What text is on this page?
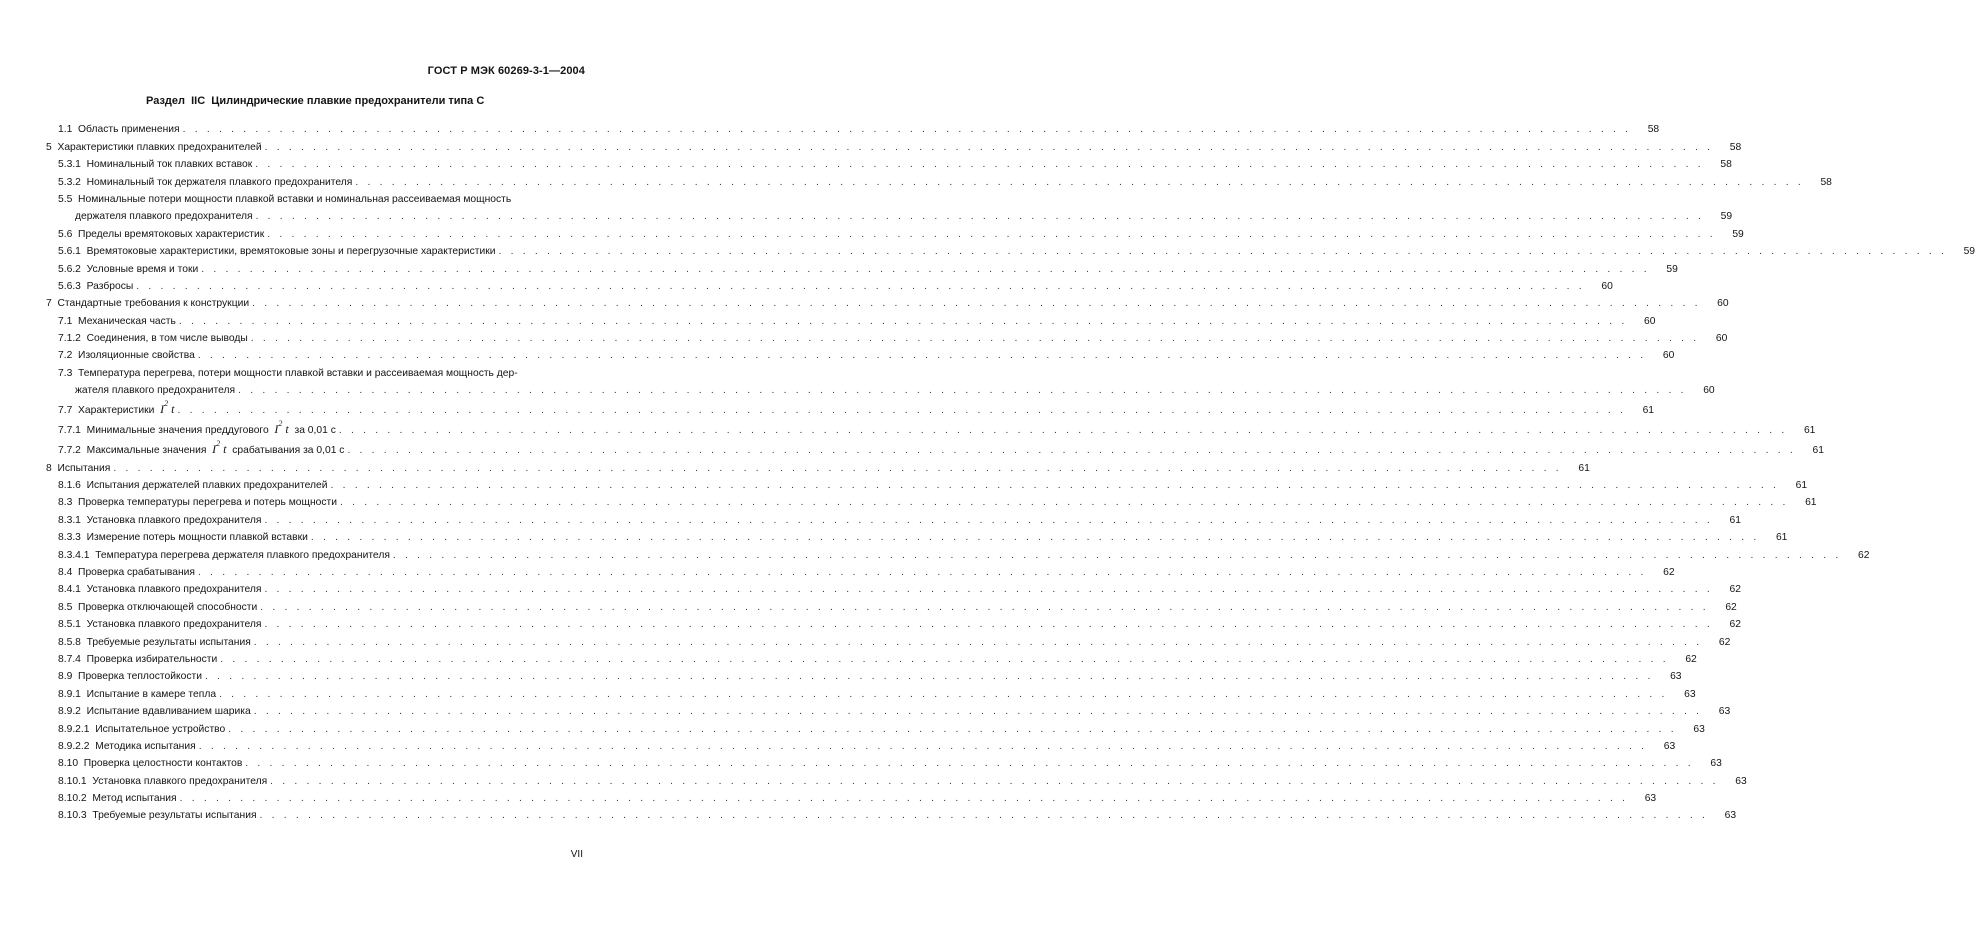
ГОСТ Р МЭК 60269-3-1—2004
Раздел  IIC  Цилиндрические плавкие предохранители типа С
1.1 Область применения . . . . . . . . . . . . . . . . . . . . . . . . . . . . . . . . . . . . . . . . . . . . . . . . . . . . . . . . . . . . . . . . . . . . . . . . . . . . . . . . . . . . . . . . . . . . . . . . . . . . . . . . . . . . . . . . . . . . . . . .	58
5 Характеристики плавких предохранителей . . . . . . . . . . . . . . . . . . . . . . . . . . . . . . . . . . . . . . . . . . . . . . . . . . . . . . . . . . . . . . . . . . . . . . . . . . . . . . . . . . . . . . . . . . . . . . . . . . . . . . . . . . . . . . . . . . . . . . . .	58
5.3.1 Номинальный ток плавких вставок . . . . . . . . . . . . . . . . . . . . . . . . . . . . . . . . . . . . . . . . . . . . . . . . . . . . . . . . . . . . . . . . . . . . . . . . . . . . . . . . . . . . . . . . . . . . . . . . . . . . . . . . . . . . . . . . . . . . . . . .	58
5.3.2 Номинальный ток держателя плавкого предохранителя . . . . . . . . . . . . . . . . . . . . . . . . . . . . . . . . . . . . . . . . . . . . . . . . . . . . . . . . . . . . . . . . . . . . . . . . . . . . . . . . . . . . . . . . . . . . . . . . . . . . . . . . . . . . . . . . . . . . . . . .	58
5.5 Номинальные потери мощности плавкой вставки и номинальная рассеиваемая мощность
держателя плавкого предохранителя . . . . . . . . . . . . . . . . . . . . . . . . . . . . . . . . . . . . . . . . . . . . . . . . . . . . . . . . . . . . . . . . . . . . . . . . . . . . . . . . . . . . . . . . . . . . . . . . . . . . . . . . . . . . . . . . . . . . . . . .	59
5.6 Пределы времятоковых характеристик . . . . . . . . . . . . . . . . . . . . . . . . . . . . . . . . . . . . . . . . . . . . . . . . . . . . . . . . . . . . . . . . . . . . . . . . . . . . . . . . . . . . . . . . . . . . . . . . . . . . . . . . . . . . . . . . . . . . . . . .	59
5.6.1 Времятоковые характеристики, времятоковые зоны и перегрузочные характеристики . . . . . . . . . . . . . . . . . . . . . . . . . . . . . . . . . . . . . . . . . . . . . . . . . . . . . . . . . . . . . . . . . . . . . . . . . . . . . . . . . . . . . . . . . . . . . . . . . . . . . . . . . . . . . . . . . . . . . . . .	59
5.6.2 Условные время и токи . . . . . . . . . . . . . . . . . . . . . . . . . . . . . . . . . . . . . . . . . . . . . . . . . . . . . . . . . . . . . . . . . . . . . . . . . . . . . . . . . . . . . . . . . . . . . . . . . . . . . . . . . . . . . . . . . . . . . . . .	59
5.6.3 Разбросы . . . . . . . . . . . . . . . . . . . . . . . . . . . . . . . . . . . . . . . . . . . . . . . . . . . . . . . . . . . . . . . . . . . . . . . . . . . . . . . . . . . . . . . . . . . . . . . . . . . . . . . . . . . . . . . . . . . . . . . .	60
7 Стандартные требования к конструкции . . . . . . . . . . . . . . . . . . . . . . . . . . . . . . . . . . . . . . . . . . . . . . . . . . . . . . . . . . . . . . . . . . . . . . . . . . . . . . . . . . . . . . . . . . . . . . . . . . . . . . . . . . . . . . . . . . . . . . . .	60
7.1 Механическая часть . . . . . . . . . . . . . . . . . . . . . . . . . . . . . . . . . . . . . . . . . . . . . . . . . . . . . . . . . . . . . . . . . . . . . . . . . . . . . . . . . . . . . . . . . . . . . . . . . . . . . . . . . . . . . . . . . . . . . . . .	60
7.1.2 Соединения, в том числе выводы . . . . . . . . . . . . . . . . . . . . . . . . . . . . . . . . . . . . . . . . . . . . . . . . . . . . . . . . . . . . . . . . . . . . . . . . . . . . . . . . . . . . . . . . . . . . . . . . . . . . . . . . . . . . . . . . . . . . . . . .	60
7.2 Изоляционные свойства . . . . . . . . . . . . . . . . . . . . . . . . . . . . . . . . . . . . . . . . . . . . . . . . . . . . . . . . . . . . . . . . . . . . . . . . . . . . . . . . . . . . . . . . . . . . . . . . . . . . . . . . . . . . . . . . . . . . . . . .	60
7.3 Температура перегрева, потери мощности плавкой вставки и рассеиваемая мощность дер-
жателя плавкого предохранителя . . . . . . . . . . . . . . . . . . . . . . . . . . . . . . . . . . . . . . . . . . . . . . . . . . . . . . . . . . . . . . . . . . . . . . . . . . . . . . . . . . . . . . . . . . . . . . . . . . . . . . . . . . . . . . . . . . . . . . . .	60
7.7 Характеристики $I^2$ t . . . . . . . . . . . . . . . . . . . . . . . . . . . . . . . . . . . . . . . . . . . . . . . . . . . . . . . . . . . . . . . . . . . . . . . . . . . . . . . . . . . . . . . . . . . . . . . . . . . . . . . . . . . . . . . . . . . . . . . .	61
7.7.1 Минимальные значения преддугового $I^2$ t  за 0,01 с . . . . . . . . . . . . . . . . . . . . . . . . . . . . . . . . . . . . . . . . . . . . . . . . . . . . . . . . . . . . . . . . . . . . . . . . . . . . . . . . . . . . . . . . . . . . . . . . . . . . . . . . . . . . . . . . . . . . . . . .	61
7.7.2 Максимальные значения $I^2$ t  срабатывания за 0,01 с . . . . . . . . . . . . . . . . . . . . . . . . . . . . . . . . . . . . . . . . . . . . . . . . . . . . . . . . . . . . . . . . . . . . . . . . . . . . . . . . . . . . . . . . . . . . . . . . . . . . . . . . . . . . . . . . . . . . . . . .	61
8 Испытания . . . . . . . . . . . . . . . . . . . . . . . . . . . . . . . . . . . . . . . . . . . . . . . . . . . . . . . . . . . . . . . . . . . . . . . . . . . . . . . . . . . . . . . . . . . . . . . . . . . . . . . . . . . . . . . . . . . . . . . .	61
8.1.6 Испытания держателей плавких предохранителей . . . . . . . . . . . . . . . . . . . . . . . . . . . . . . . . . . . . . . . . . . . . . . . . . . . . . . . . . . . . . . . . . . . . . . . . . . . . . . . . . . . . . . . . . . . . . . . . . . . . . . . . . . . . . . . . . . . . . . . .	61
8.3 Проверка температуры перегрева и потерь мощности . . . . . . . . . . . . . . . . . . . . . . . . . . . . . . . . . . . . . . . . . . . . . . . . . . . . . . . . . . . . . . . . . . . . . . . . . . . . . . . . . . . . . . . . . . . . . . . . . . . . . . . . . . . . . . . . . . . . . . . .	61
8.3.1 Установка плавкого предохранителя . . . . . . . . . . . . . . . . . . . . . . . . . . . . . . . . . . . . . . . . . . . . . . . . . . . . . . . . . . . . . . . . . . . . . . . . . . . . . . . . . . . . . . . . . . . . . . . . . . . . . . . . . . . . . . . . . . . . . . . .	61
8.3.3 Измерение потерь мощности плавкой вставки . . . . . . . . . . . . . . . . . . . . . . . . . . . . . . . . . . . . . . . . . . . . . . . . . . . . . . . . . . . . . . . . . . . . . . . . . . . . . . . . . . . . . . . . . . . . . . . . . . . . . . . . . . . . . . . . . . . . . . . .	61
8.3.4.1 Температура перегрева держателя плавкого предохранителя . . . . . . . . . . . . . . . . . . . . . . . . . . . . . . . . . . . . . . . . . . . . . . . . . . . . . . . . . . . . . . . . . . . . . . . . . . . . . . . . . . . . . . . . . . . . . . . . . . . . . . . . . . . . . . . . . . . . . . . .	62
8.4 Проверка срабатывания . . . . . . . . . . . . . . . . . . . . . . . . . . . . . . . . . . . . . . . . . . . . . . . . . . . . . . . . . . . . . . . . . . . . . . . . . . . . . . . . . . . . . . . . . . . . . . . . . . . . . . . . . . . . . . . . . . . . . . . .	62
8.4.1 Установка плавкого предохранителя . . . . . . . . . . . . . . . . . . . . . . . . . . . . . . . . . . . . . . . . . . . . . . . . . . . . . . . . . . . . . . . . . . . . . . . . . . . . . . . . . . . . . . . . . . . . . . . . . . . . . . . . . . . . . . . . . . . . . . . .	62
8.5 Проверка отключающей способности . . . . . . . . . . . . . . . . . . . . . . . . . . . . . . . . . . . . . . . . . . . . . . . . . . . . . . . . . . . . . . . . . . . . . . . . . . . . . . . . . . . . . . . . . . . . . . . . . . . . . . . . . . . . . . . . . . . . . . . .	62
8.5.1 Установка плавкого предохранителя . . . . . . . . . . . . . . . . . . . . . . . . . . . . . . . . . . . . . . . . . . . . . . . . . . . . . . . . . . . . . . . . . . . . . . . . . . . . . . . . . . . . . . . . . . . . . . . . . . . . . . . . . . . . . . . . . . . . . . . .	62
8.5.8 Требуемые результаты испытания . . . . . . . . . . . . . . . . . . . . . . . . . . . . . . . . . . . . . . . . . . . . . . . . . . . . . . . . . . . . . . . . . . . . . . . . . . . . . . . . . . . . . . . . . . . . . . . . . . . . . . . . . . . . . . . . . . . . . . . .	62
8.7.4 Проверка избирательности . . . . . . . . . . . . . . . . . . . . . . . . . . . . . . . . . . . . . . . . . . . . . . . . . . . . . . . . . . . . . . . . . . . . . . . . . . . . . . . . . . . . . . . . . . . . . . . . . . . . . . . . . . . . . . . . . . . . . . . .	62
8.9 Проверка теплостойкости . . . . . . . . . . . . . . . . . . . . . . . . . . . . . . . . . . . . . . . . . . . . . . . . . . . . . . . . . . . . . . . . . . . . . . . . . . . . . . . . . . . . . . . . . . . . . . . . . . . . . . . . . . . . . . . . . . . . . . . .	63
8.9.1 Испытание в камере тепла . . . . . . . . . . . . . . . . . . . . . . . . . . . . . . . . . . . . . . . . . . . . . . . . . . . . . . . . . . . . . . . . . . . . . . . . . . . . . . . . . . . . . . . . . . . . . . . . . . . . . . . . . . . . . . . . . . . . . . . .	63
8.9.2 Испытание вдавливанием шарика . . . . . . . . . . . . . . . . . . . . . . . . . . . . . . . . . . . . . . . . . . . . . . . . . . . . . . . . . . . . . . . . . . . . . . . . . . . . . . . . . . . . . . . . . . . . . . . . . . . . . . . . . . . . . . . . . . . . . . . .	63
8.9.2.1 Испытательное устройство . . . . . . . . . . . . . . . . . . . . . . . . . . . . . . . . . . . . . . . . . . . . . . . . . . . . . . . . . . . . . . . . . . . . . . . . . . . . . . . . . . . . . . . . . . . . . . . . . . . . . . . . . . . . . . . . . . . . . . . .	63
8.9.2.2 Методика испытания . . . . . . . . . . . . . . . . . . . . . . . . . . . . . . . . . . . . . . . . . . . . . . . . . . . . . . . . . . . . . . . . . . . . . . . . . . . . . . . . . . . . . . . . . . . . . . . . . . . . . . . . . . . . . . . . . . . . . . . .	63
8.10 Проверка целостности контактов . . . . . . . . . . . . . . . . . . . . . . . . . . . . . . . . . . . . . . . . . . . . . . . . . . . . . . . . . . . . . . . . . . . . . . . . . . . . . . . . . . . . . . . . . . . . . . . . . . . . . . . . . . . . . . . . . . . . . . . .	63
8.10.1 Установка плавкого предохранителя . . . . . . . . . . . . . . . . . . . . . . . . . . . . . . . . . . . . . . . . . . . . . . . . . . . . . . . . . . . . . . . . . . . . . . . . . . . . . . . . . . . . . . . . . . . . . . . . . . . . . . . . . . . . . . . . . . . . . . . .	63
8.10.2 Метод испытания . . . . . . . . . . . . . . . . . . . . . . . . . . . . . . . . . . . . . . . . . . . . . . . . . . . . . . . . . . . . . . . . . . . . . . . . . . . . . . . . . . . . . . . . . . . . . . . . . . . . . . . . . . . . . . . . . . . . . . . .	63
8.10.3 Требуемые результаты испытания . . . . . . . . . . . . . . . . . . . . . . . . . . . . . . . . . . . . . . . . . . . . . . . . . . . . . . . . . . . . . . . . . . . . . . . . . . . . . . . . . . . . . . . . . . . . . . . . . . . . . . . . . . . . . . . . . . . . . . . .	63
VII
